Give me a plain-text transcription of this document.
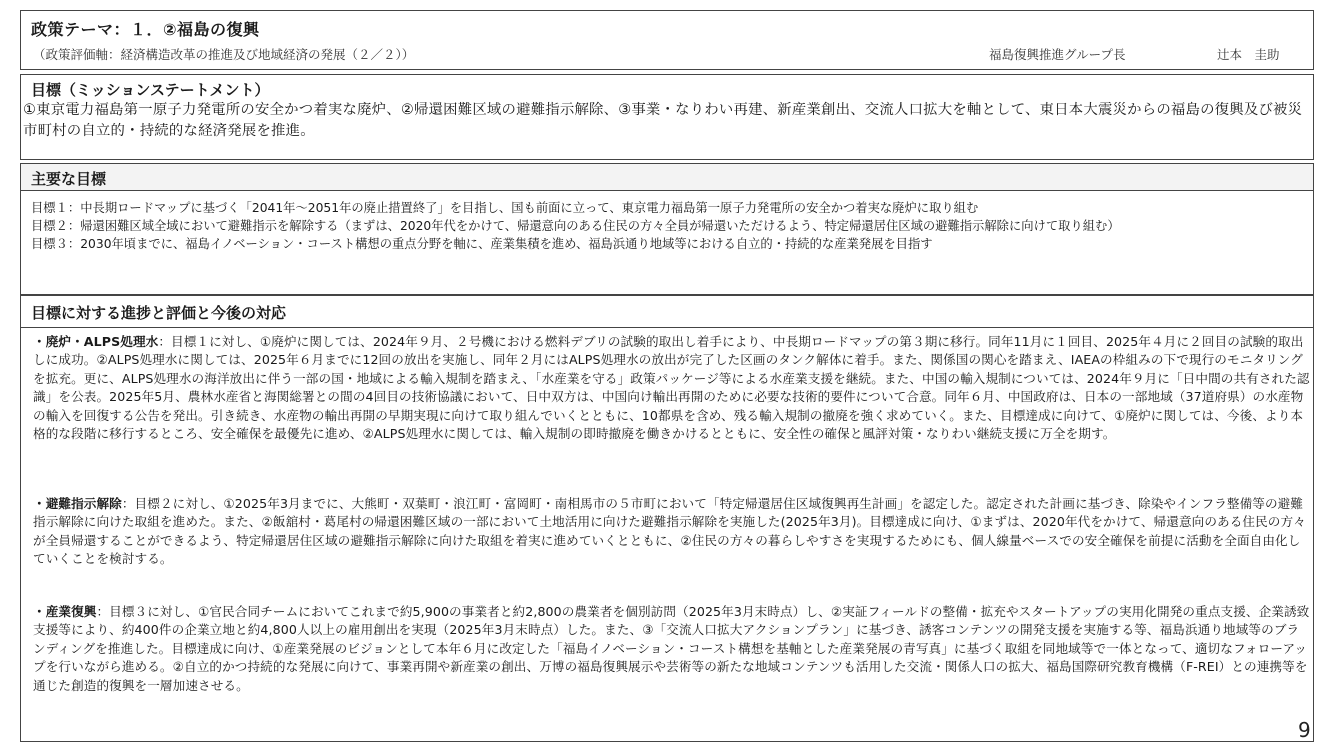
政策テーマ：１．②福島の復興
（政策評価軸：経済構造改革の推進及び地域経済の発展（２／２））	福島復興推進グループ長	辻本　圭助
目標（ミッションステートメント）
①東京電力福島第一原子力発電所の安全かつ着実な廃炉、②帰還困難区域の避難指示解除、③事業・なりわい再建、新産業創出、交流人口拡大を軸として、東日本大震災からの福島の復興及び被災市町村の自立的・持続的な経済発展を推進。
主要な目標
目標１ ： 中長期ロードマップに基づく「2041年～2051年の廃止措置終了」を目指し、国も前面に立って、東京電力福島第一原子力発電所の安全かつ着実な廃炉に取り組む
目標２ ： 帰還困難区域全域において避難指示を解除する（まずは、2020年代をかけて、帰還意向のある住民の方々全員が帰還いただけるよう、特定帰還居住区域の避難指示解除に向けて取り組む）
目標３ ： 2030年頃までに、福島イノベーション・コースト構想の重点分野を軸に、産業集積を進め、福島浜通り地域等における自立的・持続的な産業発展を目指す
目標に対する進捗と評価と今後の対応
・廃炉・ALPS処理水：目標１に対し、①廃炉に関しては、2024年９月、２号機における燃料デブリの試験的取出し着手により、中長期ロードマップの第３期に移行。同年11月に１回目、2025年４月に２回目の試験的取出しに成功。②ALPS処理水に関しては、2025年６月までに12回の放出を実施し、同年２月にはALPS処理水の放出が完了した区画のタンク解体に着手。また、関係国の関心を踏まえ、IAEAの枠組みの下で現行のモニタリングを拡充。更に、ALPS処理水の海洋放出に伴う一部の国・地域による輸入規制を踏まえ、「水産業を守る」政策パッケージ等による水産業支援を継続。また、中国の輸入規制については、2024年９月に「日中間の共有された認識」を公表。2025年5月、農林水産省と海関総署との間の4回目の技術協議において、日中双方は、中国向け輸出再開のために必要な技術的要件について合意。同年６月、中国政府は、日本の一部地域（37道府県）の水産物の輸入を回復する公告を発出。引き続き、水産物の輸出再開の早期実現に向けて取り組んでいくとともに、10都県を含め、残る輸入規制の撤廃を強く求めていく。また、目標達成に向けて、①廃炉に関しては、今後、より本格的な段階に移行するところ、安全確保を最優先に進め、②ALPS処理水に関しては、輸入規制の即時撤廃を働きかけるとともに、安全性の確保と風評対策・なりわい継続支援に万全を期す。
・避難指示解除：目標２に対し、①2025年3月までに、大熊町・双葉町・浪江町・富岡町・南相馬市の５市町において「特定帰還居住区域復興再生計画」を認定した。認定された計画に基づき、除染やインフラ整備等の避難指示解除に向けた取組を進めた。また、②飯舘村・葛尾村の帰還困難区域の一部において土地活用に向けた避難指示解除を実施した(2025年3月)。目標達成に向け、①まずは、2020年代をかけて、帰還意向のある住民の方々が全員帰還することができるよう、特定帰還居住区域の避難指示解除に向けた取組を着実に進めていくとともに、②住民の方々の暮らしやすさを実現するためにも、個人線量ベースでの安全確保を前提に活動を全面自由化していくことを検討する。
・産業復興：目標３に対し、①官民合同チームにおいてこれまで約5,900の事業者と約2,800の農業者を個別訪問（2025年3月末時点）し、②実証フィールドの整備・拡充やスタートアップの実用化開発の重点支援、企業誘致支援等により、約400件の企業立地と約4,800人以上の雇用創出を実現（2025年3月末時点）した。また、③「交流人口拡大アクションプラン」に基づき、誘客コンテンツの開発支援を実施する等、福島浜通り地域等のブランディングを推進した。目標達成に向け、①産業発展のビジョンとして本年６月に改定した「福島イノベーション・コースト構想を基軸とした産業発展の青写真」に基づく取組を同地域等で一体となって、適切なフォローアップを行いながら進める。②自立的かつ持続的な発展に向けて、事業再開や新産業の創出、万博の福島復興展示や芸術等の新たな地域コンテンツも活用した交流・関係人口の拡大、福島国際研究教育機構（F-REI）との連携等を通じた創造的復興を一層加速させる。
9
